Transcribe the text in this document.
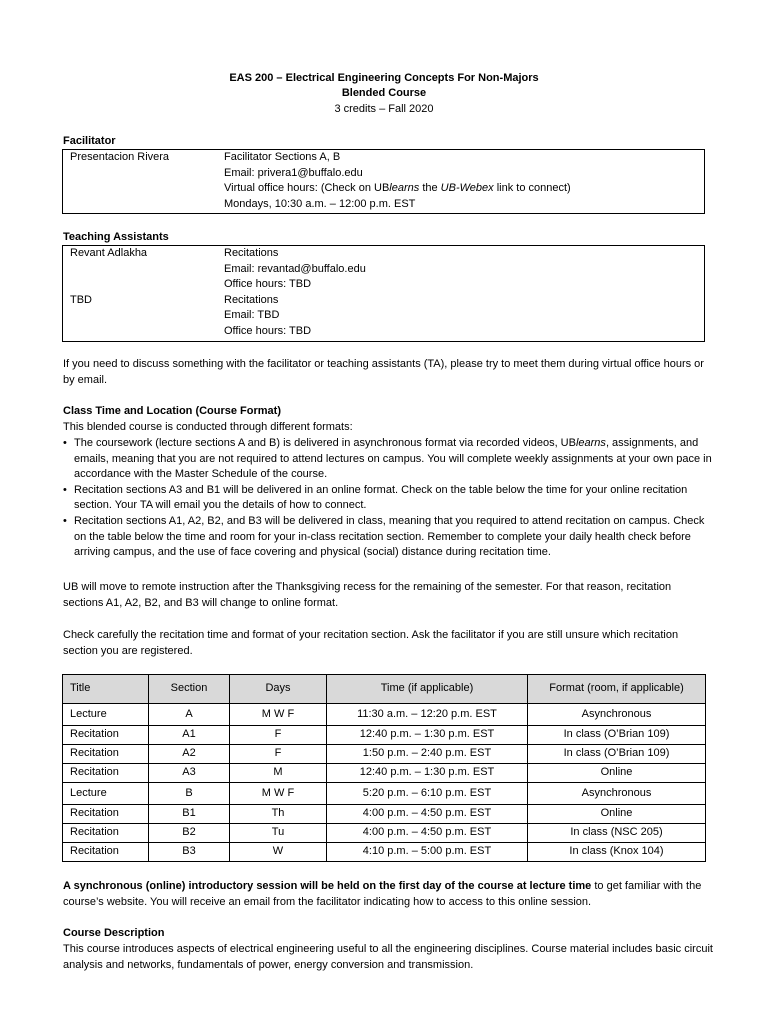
EAS 200 – Electrical Engineering Concepts For Non-Majors
Blended Course
3 credits – Fall 2020
Facilitator
Presentacion Rivera	Facilitator Sections A, B
Email: privera1@buffalo.edu
Virtual office hours: (Check on UBlearns the UB-Webex link to connect)
Mondays, 10:30 a.m. – 12:00 p.m. EST
Teaching Assistants
Revant Adlakha	Recitations
Email: revantad@buffalo.edu
Office hours: TBD
TBD	Recitations
Email: TBD
Office hours: TBD
If you need to discuss something with the facilitator or teaching assistants (TA), please try to meet them during virtual office hours or by email.
Class Time and Location (Course Format)
This blended course is conducted through different formats:
• The coursework (lecture sections A and B) is delivered in asynchronous format via recorded videos, UBlearns, assignments, and emails, meaning that you are not required to attend lectures on campus. You will complete weekly assignments at your own pace in accordance with the Master Schedule of the course.
• Recitation sections A3 and B1 will be delivered in an online format. Check on the table below the time for your online recitation section. Your TA will email you the details of how to connect.
• Recitation sections A1, A2, B2, and B3 will be delivered in class, meaning that you required to attend recitation on campus. Check on the table below the time and room for your in-class recitation section. Remember to complete your daily health check before arriving campus, and the use of face covering and physical (social) distance during recitation time.
UB will move to remote instruction after the Thanksgiving recess for the remaining of the semester. For that reason, recitation sections A1, A2, B2, and B3 will change to online format.
Check carefully the recitation time and format of your recitation section. Ask the facilitator if you are still unsure which recitation section you are registered.
Title	Section	Days	Time (if applicable)	Format (room, if applicable)
Lecture	A	M W F	11:30 a.m. – 12:20 p.m. EST	Asynchronous
Recitation	A1	F	12:40 p.m. – 1:30 p.m. EST	In class (O’Brian 109)
Recitation	A2	F	1:50 p.m. – 2:40 p.m. EST	In class (O’Brian 109)
Recitation	A3	M	12:40 p.m. – 1:30 p.m. EST	Online
Lecture	B	M W F	5:20 p.m. – 6:10 p.m. EST	Asynchronous
Recitation	B1	Th	4:00 p.m. – 4:50 p.m. EST	Online
Recitation	B2	Tu	4:00 p.m. – 4:50 p.m. EST	In class (NSC 205)
Recitation	B3	W	4:10 p.m. – 5:00 p.m. EST	In class (Knox 104)
A synchronous (online) introductory session will be held on the first day of the course at lecture time to get familiar with the course’s website. You will receive an email from the facilitator indicating how to access to this online session.
Course Description
This course introduces aspects of electrical engineering useful to all the engineering disciplines. Course material includes basic circuit analysis and networks, fundamentals of power, energy conversion and transmission.
